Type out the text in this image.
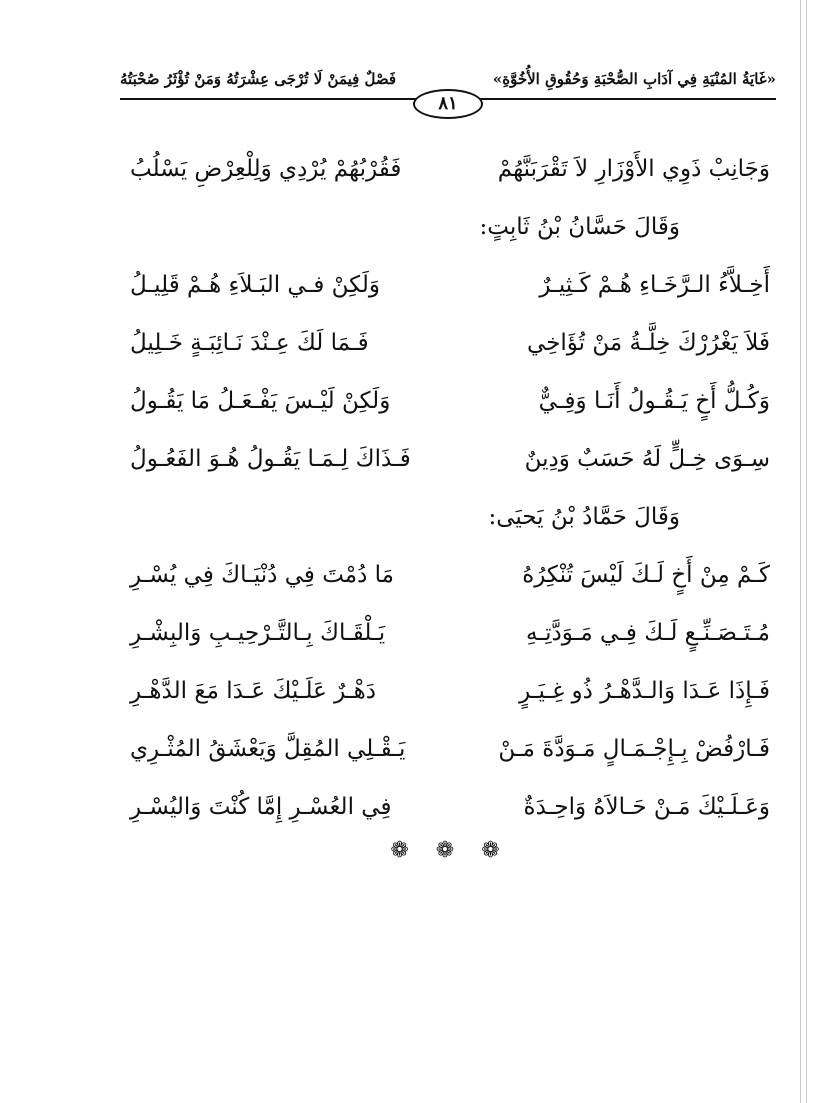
«غَايَةُ المُنْيَةِ فِي آدَابِ الصُّحْبَةِ وَحُقُوقِ الأُخُوَّةِ»
فَصْلٌ فِيمَنْ لَا تُرْجَى عِشْرَتُهُ وَمَنْ تُؤْثَرُ صُحْبَتُهُ
٨١
وَجَانِبْ ذَوِي الأَوْزَارِ لاَ تَقْرَبَنَّهُمْ
فَقُرْبُهُمْ يُرْدِي وَلِلْعِرْضِ يَسْلُبُ
وَقَالَ حَسَّانُ بْنُ ثَابِتٍ:
أَخِـلاَّءُ الـرَّخَـاءِ هُـمْ كَـثِيـرٌ
وَلَكِنْ فـي البَـلاَءِ هُـمْ قَلِيـلُ
فَلاَ يَغْرُرْكَ خِلَّـةُ مَنْ تُؤَاخِي
فَـمَا لَكَ عِـنْدَ نَـائِبَـةٍ خَـلِيلُ
وَكُـلُّ أَخٍ يَـقُـولُ أَنَـا وَفِـيٌّ
وَلَكِنْ لَيْـسَ يَفْـعَـلُ مَا يَقُـولُ
سِـوَى خِـلٍّ لَهُ حَسَبٌ وَدِينٌ
فَـذَاكَ لِـمَـا يَقُـولُ هُـوَ الفَعُـولُ
وَقَالَ حَمَّادُ بْنُ يَحيَى:
كَـمْ مِنْ أَخٍ لَـكَ لَيْسَ تُنْكِرُهُ
مَا دُمْتَ فِي دُنْيَـاكَ فِي يُسْـرِ
مُـتَـصَـنِّـعٍ لَـكَ فِـي مَـوَدَّتِـهِ
يَـلْقَـاكَ بِـالتَّـرْحِيـبِ وَالبِشْـرِ
فَـإِذَا عَـدَا وَالـدَّهْـرُ ذُو غِـيَـرٍ
دَهْـرٌ عَلَـيْكَ عَـدَا مَعَ الدَّهْـرِ
فَـارْفُضْ بِـإِجْـمَـالٍ مَـوَدَّةَ مَـنْ
يَـقْـلِي المُقِلَّ وَيَعْشَقُ المُثْـرِي
وَعَـلَـيْكَ مَـنْ حَـالاَهُ وَاحِـدَةٌ
فِي العُسْـرِ إِمَّا كُنْتَ وَاليُسْـرِ
❁ ❁ ❁
